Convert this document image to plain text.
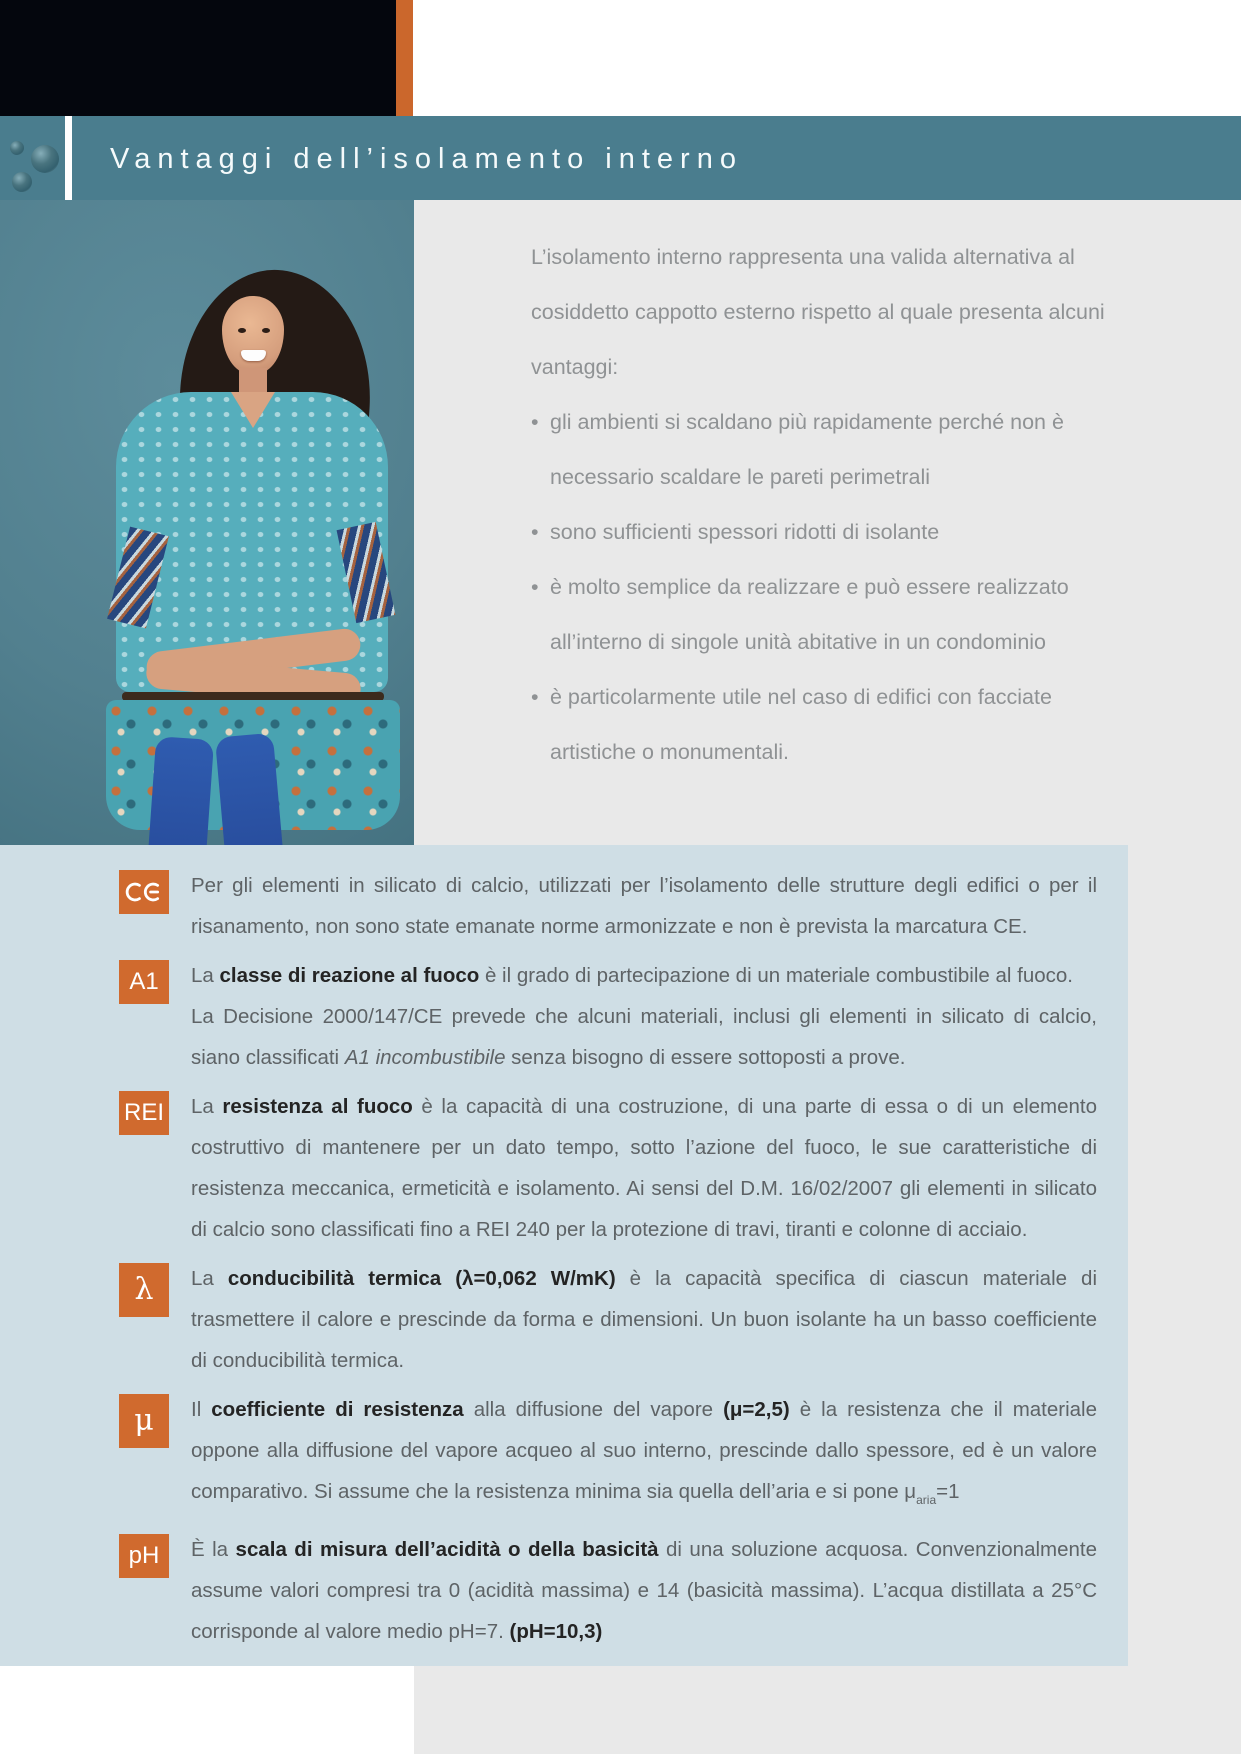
Vantaggi dell’isolamento interno

L’isolamento interno rappresenta una valida alternativa al cosiddetto cappotto esterno rispetto al quale presenta alcuni vantaggi:

• gli ambienti si scaldano più rapidamente perché non è necessario scaldare le pareti perimetrali
• sono sufficienti spessori ridotti di isolante
• è molto semplice da realizzare e può essere realizzato all’interno di singole unità abitative in un condominio
• è particolarmente utile nel caso di edifici con facciate artistiche o monumentali.

Per gli elementi in silicato di calcio, utilizzati per l’isolamento delle strutture degli edifici o per il risanamento, non sono state emanate norme armonizzate e non è prevista la marcatura CE.

A1	La classe di reazione al fuoco è il grado di partecipazione di un materiale combustibile al fuoco.
La Decisione 2000/147/CE prevede che alcuni materiali, inclusi gli elementi in silicato di calcio, siano classificati A1 incombustibile senza bisogno di essere sottoposti a prove.

REI La resistenza al fuoco è la capacità di una costruzione, di una parte di essa o di un elemento costruttivo di mantenere per un dato tempo, sotto l’azione del fuoco, le sue caratteristiche di resistenza meccanica, ermeticità e isolamento. Ai sensi del D.M. 16/02/2007 gli elementi in silicato di calcio sono classificati fino a REI 240 per la protezione di travi, tiranti e colonne di acciaio.

λ	La conducibilità termica (λ=0,062 W/mK) è la capacità specifica di ciascun materiale di trasmettere il calore e prescinde da forma e dimensioni. Un buon isolante ha un basso coefficiente di conducibilità termica.

μ	Il coefficiente di resistenza alla diffusione del vapore (μ=2,5) è la resistenza che il materiale oppone alla diffusione del vapore acqueo al suo interno, prescinde dallo spessore, ed è un valore comparativo. Si assume che la resistenza minima sia quella dell’aria e si pone $\mu_{aria}=1$

pH	È la scala di misura dell’acidità o della basicità di una soluzione acquosa. Convenzionalmente assume valori compresi tra 0 (acidità massima) e 14 (basicità massima). L’acqua distillata a 25°C corrisponde al valore medio pH=7. (pH=10,3)
